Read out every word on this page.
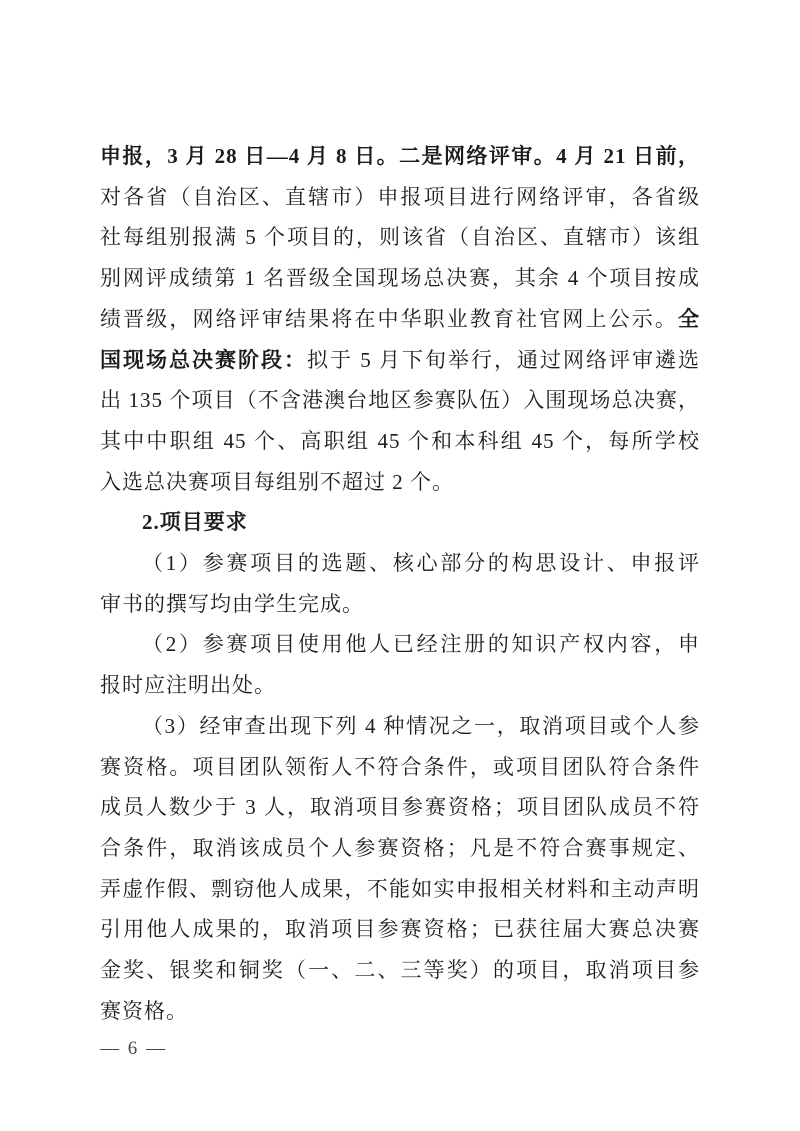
申报，3 月 28 日—4 月 8 日。二是网络评审。4 月 21 日前，
对各省（自治区、直辖市）申报项目进行网络评审，各省级
社每组别报满 5 个项目的，则该省（自治区、直辖市）该组
别网评成绩第 1 名晋级全国现场总决赛，其余 4 个项目按成
绩晋级，网络评审结果将在中华职业教育社官网上公示。全
国现场总决赛阶段：拟于 5 月下旬举行，通过网络评审遴选
出 135 个项目（不含港澳台地区参赛队伍）入围现场总决赛，
其中中职组 45 个、高职组 45 个和本科组 45 个，每所学校
入选总决赛项目每组别不超过 2 个。
2.项目要求
（1）参赛项目的选题、核心部分的构思设计、申报评
审书的撰写均由学生完成。
（2）参赛项目使用他人已经注册的知识产权内容，申
报时应注明出处。
（3）经审查出现下列 4 种情况之一，取消项目或个人参
赛资格。项目团队领衔人不符合条件，或项目团队符合条件
成员人数少于 3 人，取消项目参赛资格；项目团队成员不符
合条件，取消该成员个人参赛资格；凡是不符合赛事规定、
弄虚作假、剽窃他人成果，不能如实申报相关材料和主动声明
引用他人成果的，取消项目参赛资格；已获往届大赛总决赛
金奖、银奖和铜奖（一、二、三等奖）的项目，取消项目参
赛资格。
— 6 —
